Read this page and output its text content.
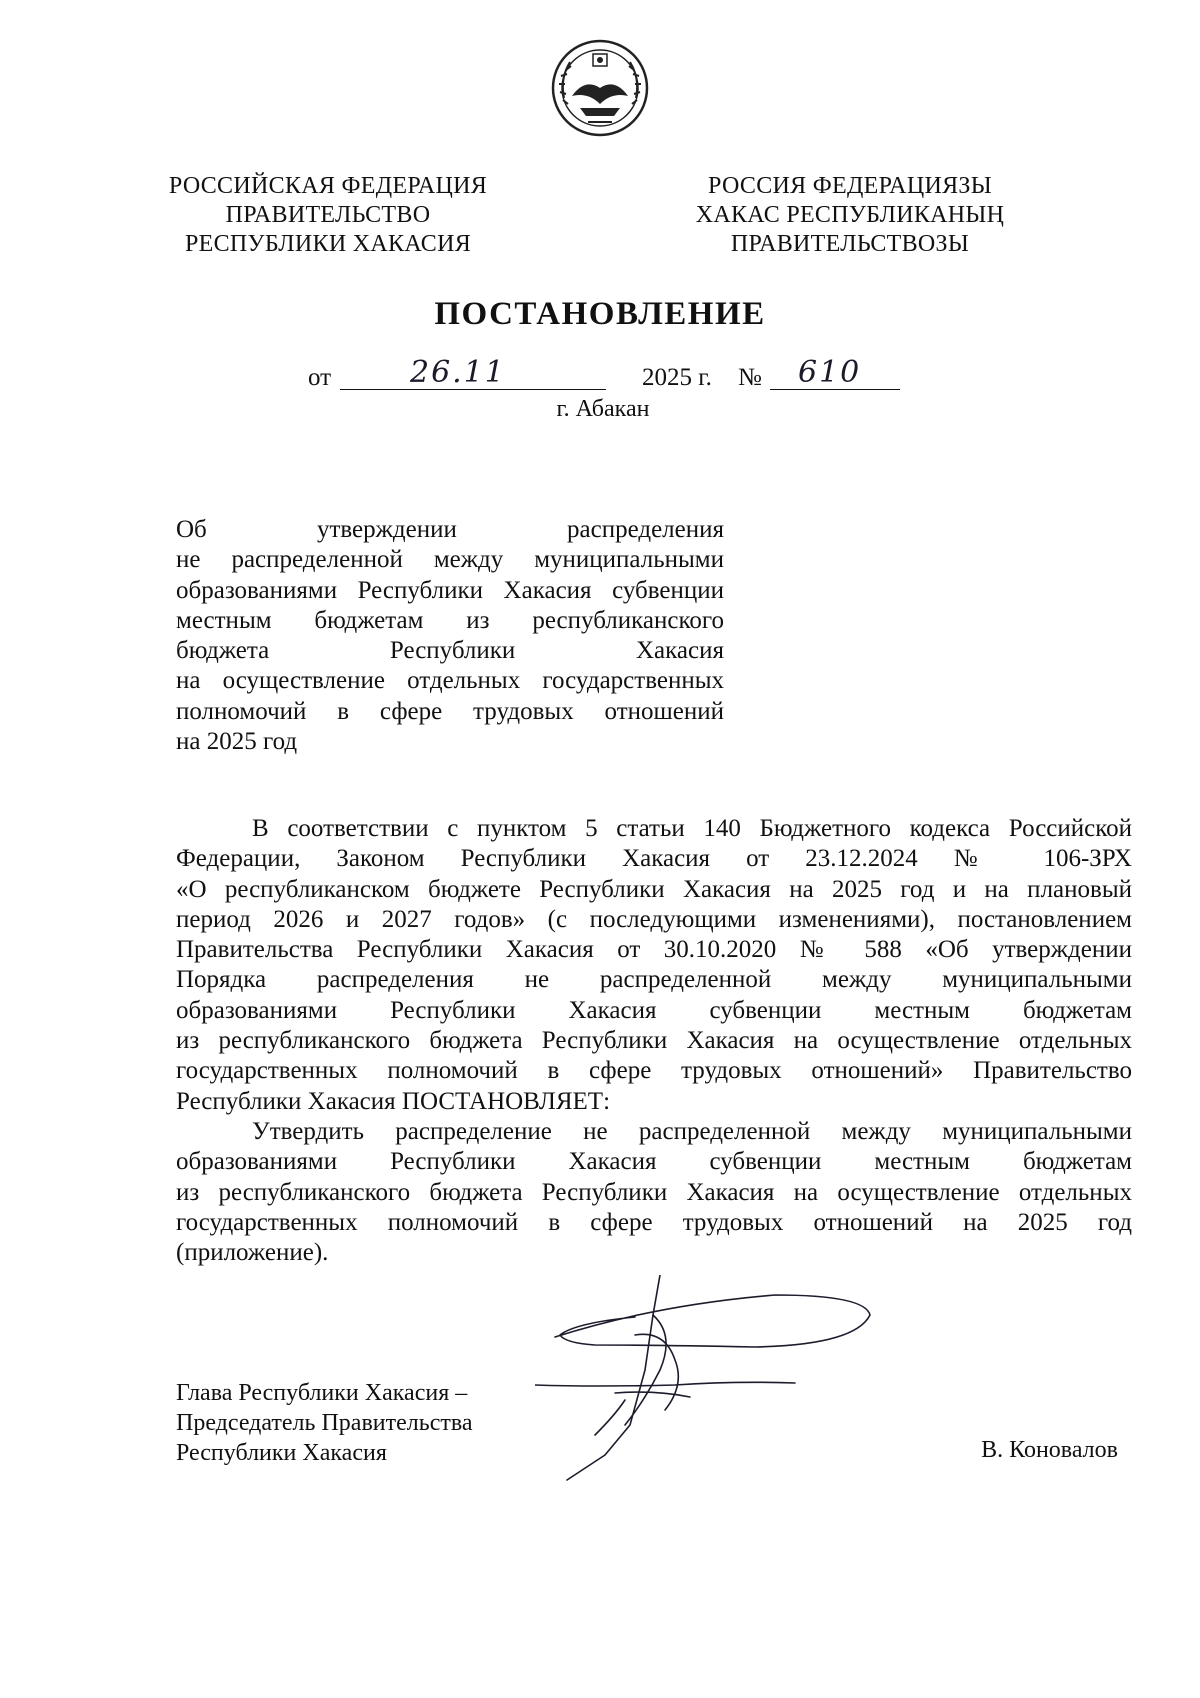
РОССИЙСКАЯ ФЕДЕРАЦИЯ
ПРАВИТЕЛЬСТВО
РЕСПУБЛИКИ ХАКАСИЯ
РОССИЯ ФЕДЕРАЦИЯЗЫ
ХАКАС РЕСПУБЛИКАНЫҢ
ПРАВИТЕЛЬСТВОЗЫ
ПОСТАНОВЛЕНИЕ
от	26.11	2025 г. № 610
г. Абакан
Об утверждении распределения
не распределенной между муниципальными
образованиями Республики Хакасия субвенции
местным бюджетам из республиканского
бюджета Республики Хакасия
на осуществление отдельных государственных
полномочий в сфере трудовых отношений
на 2025 год
В соответствии с пунктом 5 статьи 140 Бюджетного кодекса Российской
Федерации, Законом Республики Хакасия от 23.12.2024 № 106-ЗРХ
«О республиканском бюджете Республики Хакасия на 2025 год и на плановый
период 2026 и 2027 годов» (с последующими изменениями), постановлением
Правительства Республики Хакасия от 30.10.2020 № 588 «Об утверждении
Порядка распределения не распределенной между муниципальными
образованиями Республики Хакасия субвенции местным бюджетам
из республиканского бюджета Республики Хакасия на осуществление отдельных
государственных полномочий в сфере трудовых отношений» Правительство
Республики Хакасия ПОСТАНОВЛЯЕТ:
Утвердить распределение не распределенной между муниципальными
образованиями Республики Хакасия субвенции местным бюджетам
из республиканского бюджета Республики Хакасия на осуществление отдельных
государственных полномочий в сфере трудовых отношений на 2025 год
(приложение).
Глава Республики Хакасия –
Председатель Правительства
Республики Хакасия	В. Коновалов
